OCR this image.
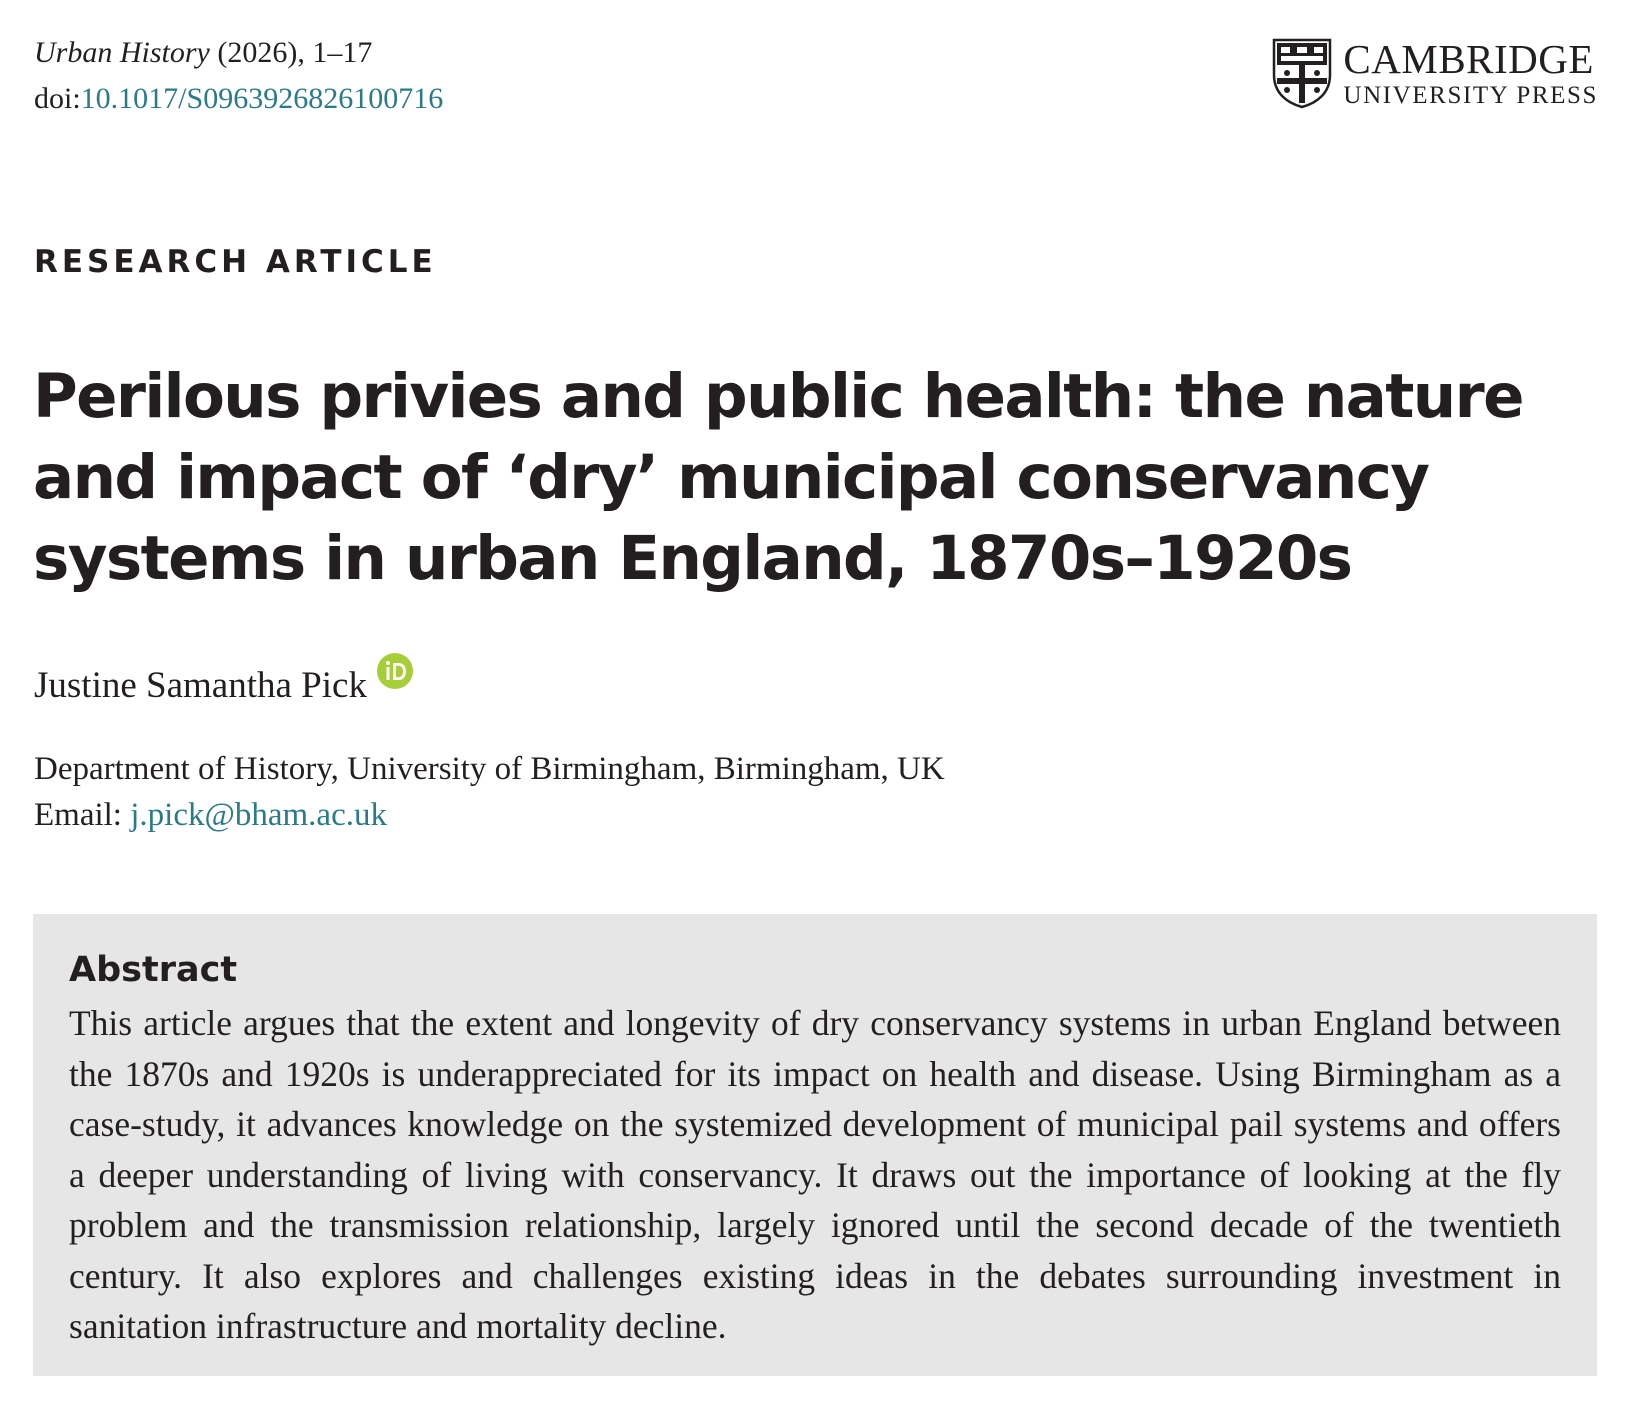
Urban History (2026), 1–17
doi:10.1017/S0963926826100716
CAMBRIDGE
UNIVERSITY PRESS
RESEARCH ARTICLE
Perilous privies and public health: the nature and impact of ‘dry’ municipal conservancy systems in urban England, 1870s–1920s
Justine Samantha Pick
Department of History, University of Birmingham, Birmingham, UK
Email: j.pick@bham.ac.uk
Abstract

This article argues that the extent and longevity of dry conservancy systems in urban England between the 1870s and 1920s is underappreciated for its impact on health and disease. Using Birmingham as a case-study, it advances knowledge on the systemized development of municipal pail systems and offers a deeper understanding of living with conservancy. It draws out the importance of looking at the fly problem and the transmission relationship, largely ignored until the second decade of the twentieth century. It also explores and challenges existing ideas in the debates surrounding investment in sanitation infrastructure and mortality decline.
